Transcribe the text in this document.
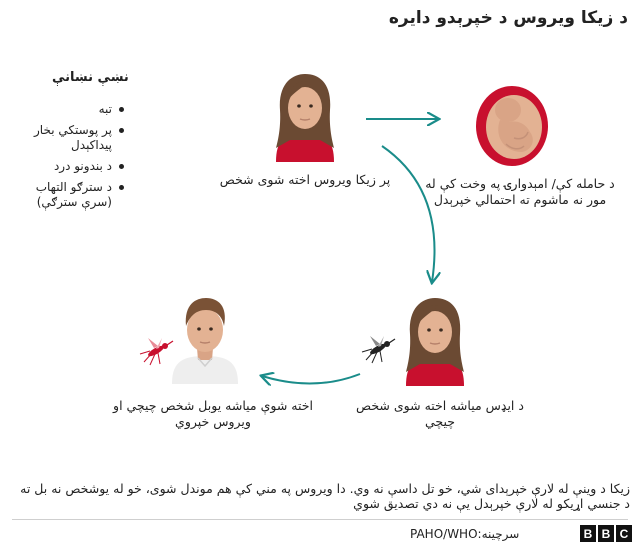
د زیکا ویروس د خپرېدو دایره
نښې نښانې
تبه
پر پوستکي بخار پیداکېدل
د بندونو درد
د سترګو التهاب (سرې سترګې)
پر زیکا ویروس اخته شوی شخص	د حامله کې/ امېدوارۍ په وخت کې له مور نه ماشوم ته احتمالي خپرېدل
د ایډس میاشه اخته شوی شخص چیچي
اخته شوې میاشه یوبل شخص چیچي او ویروس خپروي
زیکا د وینې له لارې خپرېدای شي، خو تل داسې نه وي. دا ویروس په مني کې هم موندل شوی، خو له یوشخص نه بل ته د جنسي اړیکو له لارې خپرېدل یې نه دي تصدیق شوي
سرچینه:PAHO/WHO	B B C
